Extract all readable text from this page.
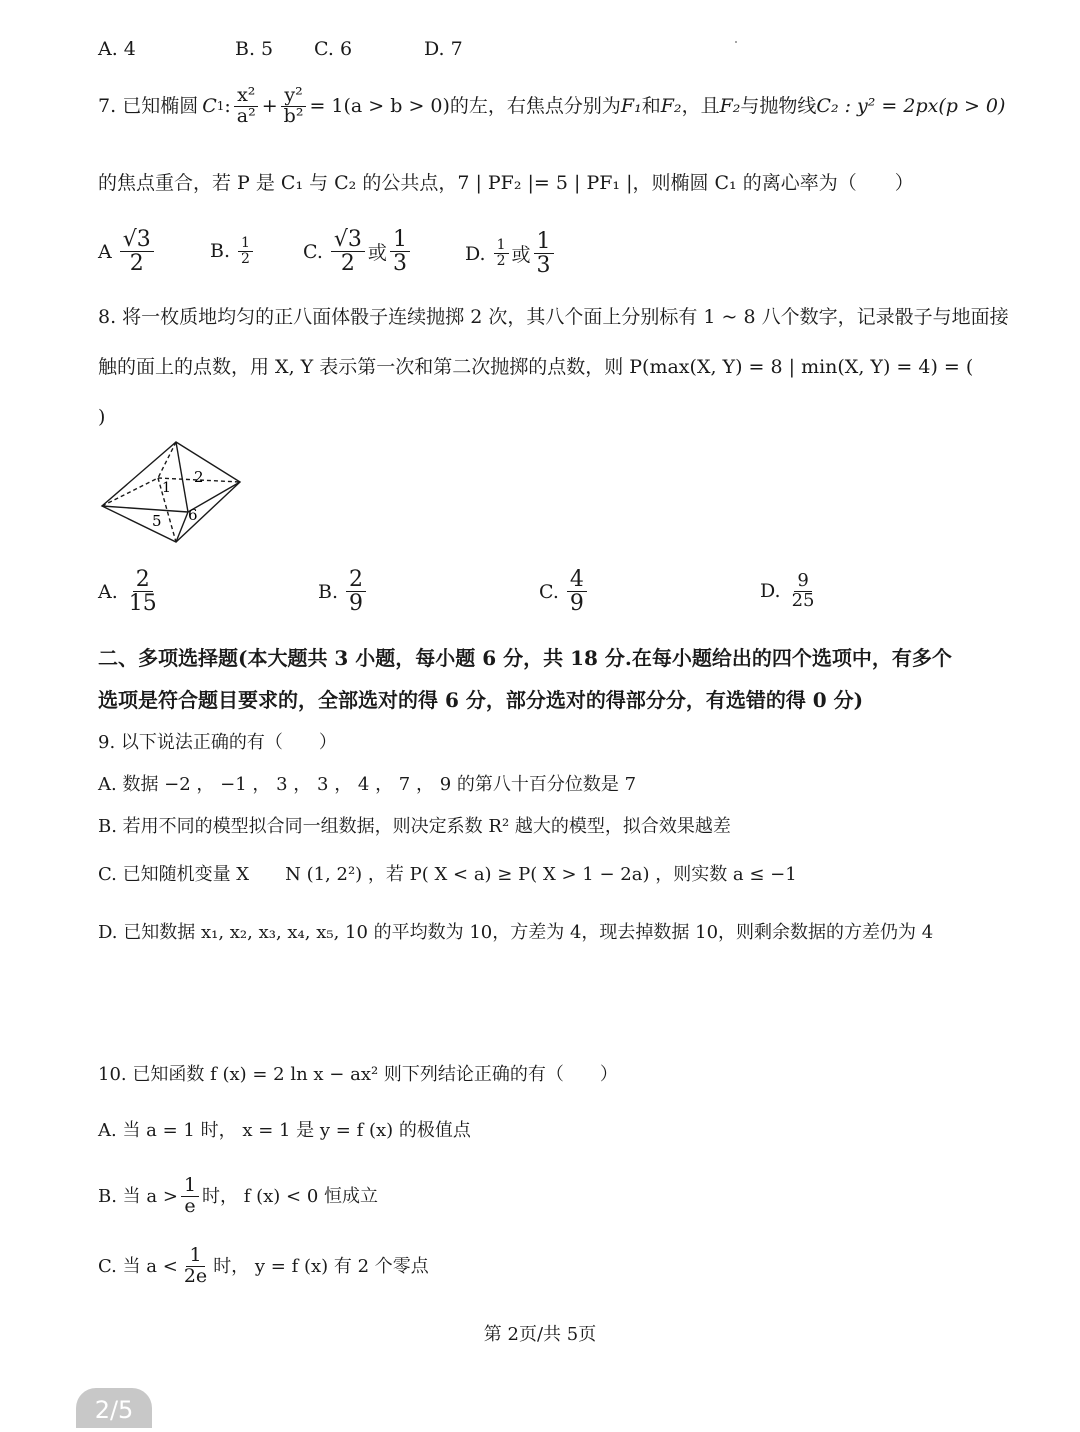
A. 4	B. 5 C. 6	D. 7
7.
已知椭圆 C 1 : $\frac{\text{x²}}{\text{a²}} + \frac{\text{y²}}{\text{b²}} = 1(a > b > 0)$ 的左，右焦点分别为 F₁ 和 F₂ ，且 F₂ 与抛物线 C₂ : y² = 2px(p > 0)
的焦点重合，若 P 是 C₁ 与 C₂ 的公共点，7 | PF₂ |= 5 | PF₁ |，则椭圆 C₁ 的离心率为（　　）
A $\frac{√3}{2}$	B. $\frac{1}{2}$	C. $\frac{√3}{2}$ 或 $\frac{1}{3}$	D. $\frac{1}{2}$ 或 $\frac{1}{3}$
8. 将一枚质地均匀的正八面体骰子连续抛掷 2 次，其八个面上分别标有 1 ~ 8 八个数字，记录骰子与地面接
触的面上的点数，用 X, Y 表示第一次和第二次抛掷的点数，则 P(max(X, Y) = 8 | min(X, Y) = 4) = (
)
1
2
5 6
A. $\frac{2}{15}$	B. $\frac{2}{9}$	C. $\frac{4}{9}$	D. $\frac{9}{25}$
二、多项选择题(本大题共 3 小题，每小题 6 分，共 18 分.在每小题给出的四个选项中，有多个
选项是符合题目要求的，全部选对的得 6 分，部分选对的得部分分，有选错的得 0 分)
9. 以下说法正确的有（　　）
A. 数据 −2 ， −1 ， 3 ， 3 ， 4 ， 7 ， 9 的第八十百分位数是 7
B. 若用不同的模型拟合同一组数据，则决定系数 R² 越大的模型，拟合效果越差
C. 已知随机变量 X　　N (1, 2²) ，若 P( X < a) ≥ P( X > 1 − 2a) ，则实数 a ≤ −1
D. 已知数据 x₁, x₂, x₃, x₄, x₅, 10 的平均数为 10，方差为 4，现去掉数据 10，则剩余数据的方差仍为 4
10. 已知函数 f (x) = 2 ln x − ax² 则下列结论正确的有（　　）
A. 当 a = 1 时， x = 1 是 y = f (x) 的极值点
B. 当 $a > \frac{1}{e}$ 时， f (x) < 0 恒成立
C. 当 $a < \frac{1}{2e}$ 时， y = f (x) 有 2 个零点
第 2页/共 5页
2/5
